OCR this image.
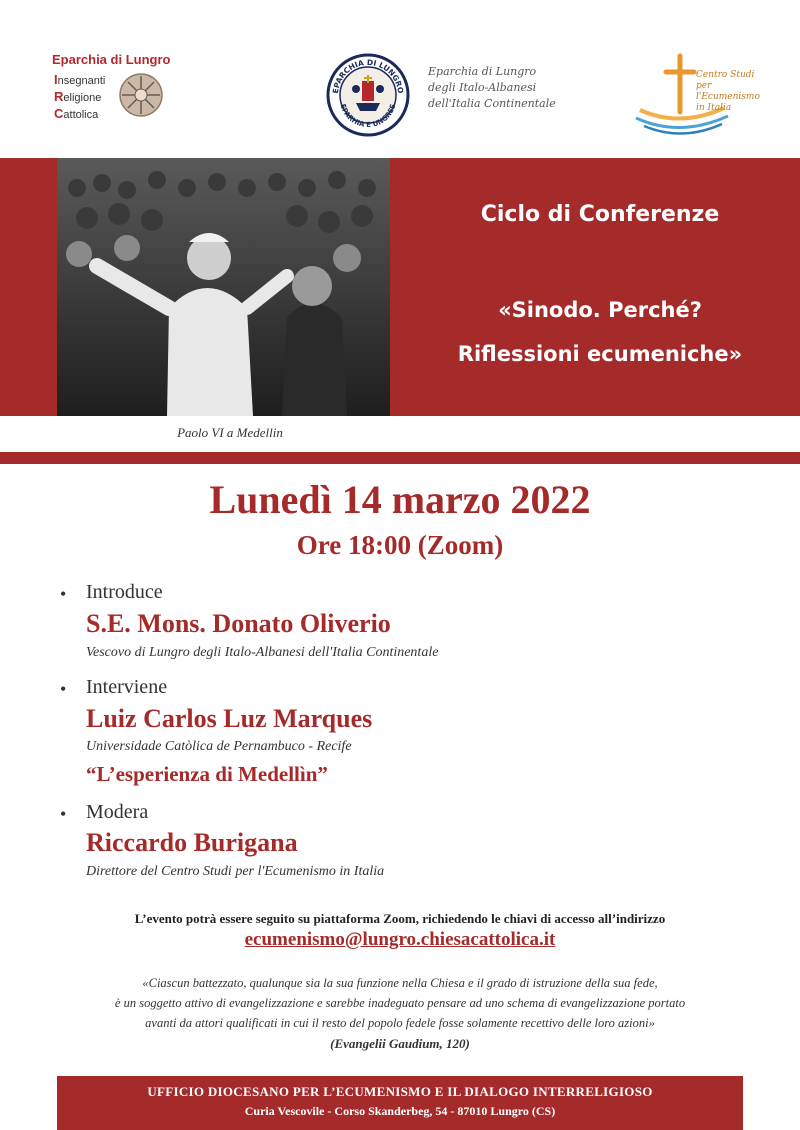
Eparchia di Lungro
Insegnanti
Religione
Cattolica
EPARCHIA DI LUNGRO
EPARHIA E UNGRES
Eparchia di Lungro
degli Italo-Albanesi
dell'Italia Continentale
Centro Studi
per l'Ecumenismo
in Italia
Ciclo di Conferenze
«Sinodo. Perché?
Riflessioni ecumeniche»
Paolo VI a Medellin
Lunedì 14 marzo 2022
Ore 18:00 (Zoom)
• Introduce
S.E. Mons. Donato Oliverio
Vescovo di Lungro degli Italo-Albanesi dell'Italia Continentale
• Interviene
Luiz Carlos Luz Marques
Universidade Catòlica de Pernambuco - Recife
“L’esperienza di Medellìn”
• Modera
Riccardo Burigana
Direttore del Centro Studi per l'Ecumenismo in Italia
L’evento potrà essere seguito su piattaforma Zoom, richiedendo le chiavi di accesso all’indirizzo
ecumenismo@lungro.chiesacattolica.it
«Ciascun battezzato, qualunque sia la sua funzione nella Chiesa e il grado di istruzione della sua fede,
è un soggetto attivo di evangelizzazione e sarebbe inadeguato pensare ad uno schema di evangelizzazione portato
avanti da attori qualificati in cui il resto del popolo fedele fosse solamente recettivo delle loro azioni»
(Evangelii Gaudium, 120)
UFFICIO DIOCESANO PER L’ECUMENISMO E IL DIALOGO INTERRELIGIOSO
Curia Vescovile - Corso Skanderbeg, 54 - 87010 Lungro (CS)
